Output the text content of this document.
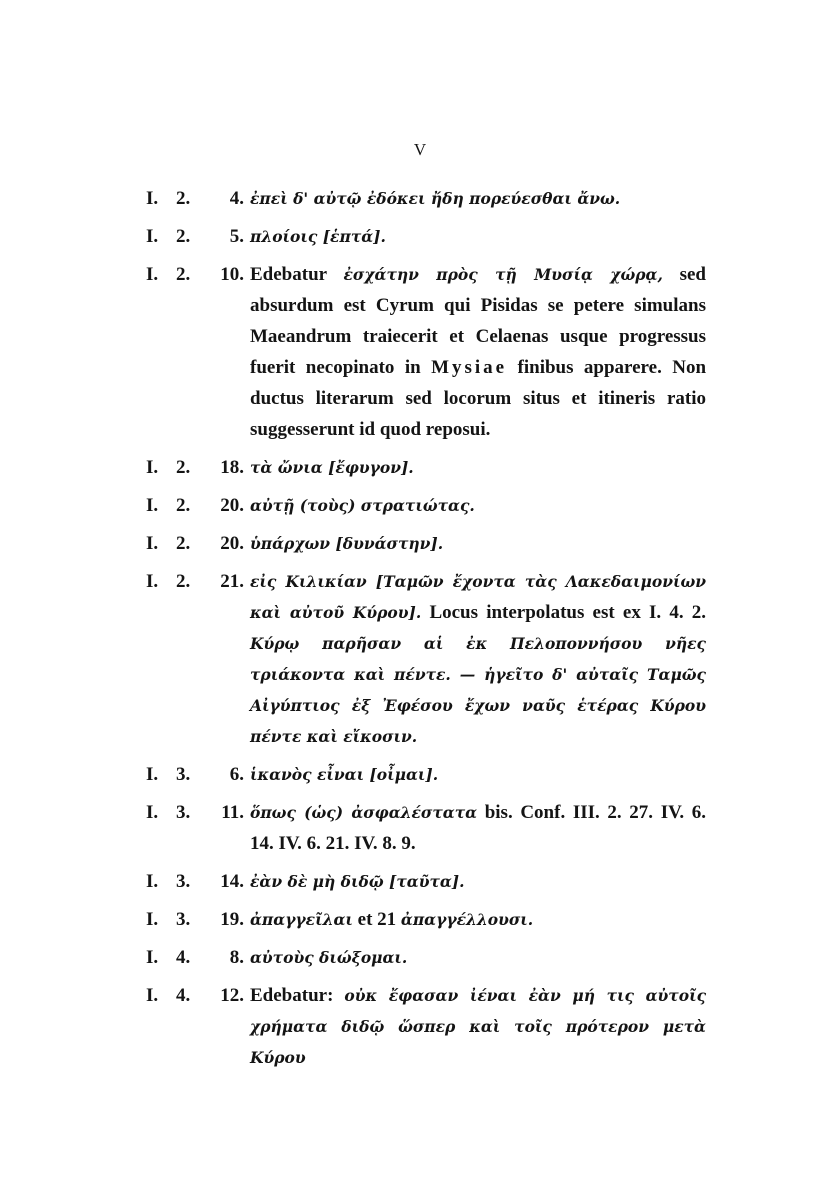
V
I. 2.	4. ἐπεὶ δ' αὐτῷ ἐδόκει ἤδη πορεύεσθαι ἄνω.
I. 2.	5. πλοίοις [ἑπτά].
I. 2.	10. Edebatur ἐσχάτην πρὸς τῇ Μυσίᾳ χώρᾳ, sed absurdum est Cyrum qui Pisidas se petere simulans Maeandrum traiecerit et Celaenas usque progressus fuerit necopinato in Mysiae finibus apparere. Non ductus literarum sed locorum situs et itineris ratio suggesserunt id quod reposui.
I. 2.	18. τὰ ὤνια [ἔφυγον].
I. 2.	20. αὐτῇ (τοὺς) στρατιώτας.
I. 2.	20. ὑπάρχων [δυνάστην].
I. 2.	21. εἰς Κιλικίαν [Ταμῶν ἔχοντα τὰς Λακεδαιμονίων καὶ αὐτοῦ Κύρου]. Locus interpolatus est ex I. 4. 2. Κύρῳ παρῆσαν αἱ ἐκ Πελοποννήσου νῆες τριάκοντα καὶ πέντε. — ἡγεῖτο δ' αὐταῖς Ταμῶς Αἰγύπτιος ἐξ Ἐφέσου ἔχων ναῦς ἑτέρας Κύρου πέντε καὶ εἴκοσιν.
I. 3.	6. ἱκανὸς εἶναι [οἶμαι].
I. 3.	11. ὅπως (ὡς) ἀσφαλέστατα bis. Conf. III. 2. 27. IV. 6. 14. IV. 6. 21. IV. 8. 9.
I. 3.	14. ἐὰν δὲ μὴ διδῷ [ταῦτα].
I. 3.	19. ἀπαγγεῖλαι et 21 ἀπαγγέλλουσι.
I. 4.	8. αὐτοὺς διώξομαι.
I. 4.	12. Edebatur: οὐκ ἔφασαν ἰέναι ἐὰν μή τις αὐτοῖς χρήματα διδῷ ὥσπερ καὶ τοῖς πρότερον μετὰ Κύρου
